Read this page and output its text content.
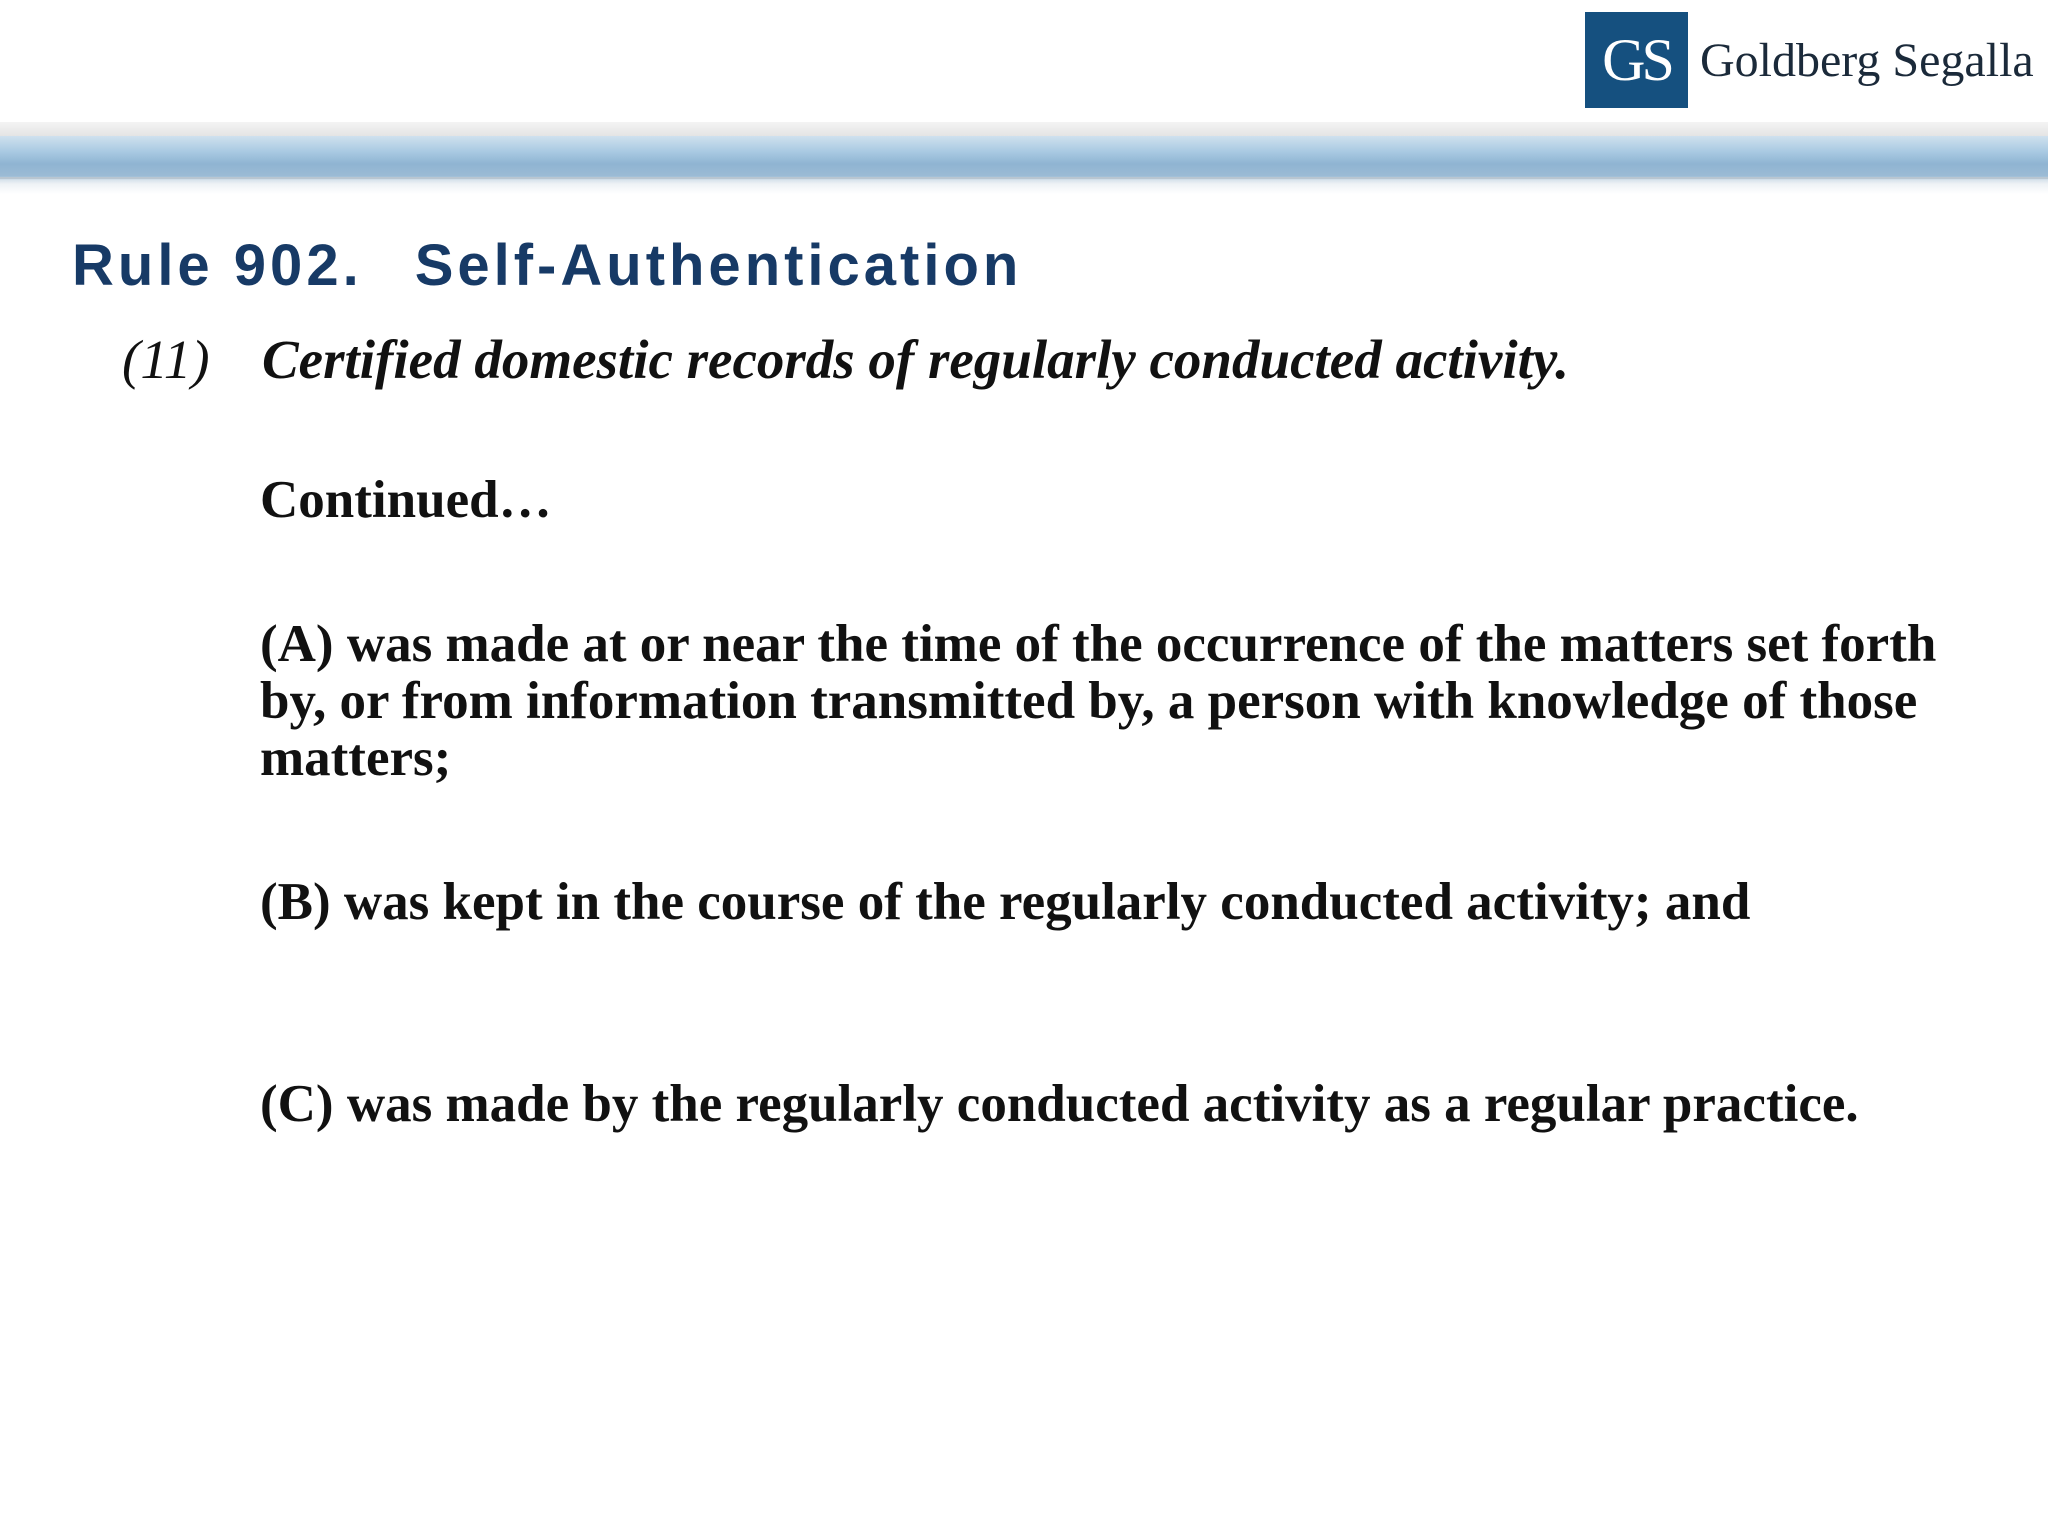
GS Goldberg Segalla
Rule 902. Self-Authentication
(11) Certified domestic records of regularly conducted activity.

Continued…

(A) was made at or near the time of the occurrence of the matters set forth by, or from information transmitted by, a person with knowledge of those matters;

(B) was kept in the course of the regularly conducted activity; and

(C) was made by the regularly conducted activity as a regular practice.
